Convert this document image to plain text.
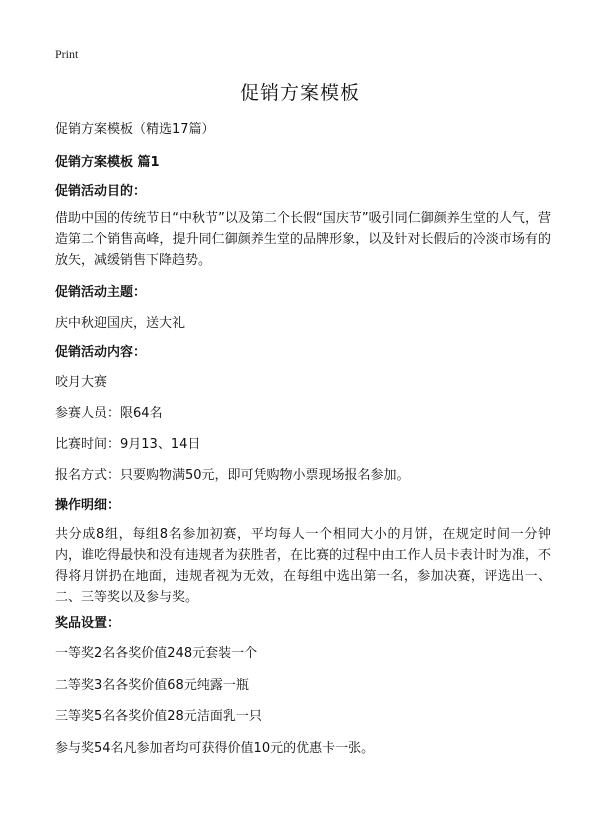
Print
促销方案模板
促销方案模板（精选17篇）
促销方案模板 篇1
促销活动目的：
借助中国的传统节日“中秋节”以及第二个长假“国庆节”吸引同仁御颜养生堂的人气，营造第二个销售高峰，提升同仁御颜养生堂的品牌形象，以及针对长假后的冷淡市场有的放矢，减缓销售下降趋势。
促销活动主题：
庆中秋迎国庆，送大礼
促销活动内容：
咬月大赛
参赛人员：限64名
比赛时间：9月13、14日
报名方式：只要购物满50元，即可凭购物小票现场报名参加。
操作明细：
共分成8组，每组8名参加初赛，平均每人一个相同大小的月饼，在规定时间一分钟内，谁吃得最快和没有违规者为获胜者，在比赛的过程中由工作人员卡表计时为准，不得将月饼扔在地面，违规者视为无效，在每组中选出第一名，参加决赛，评选出一、二、三等奖以及参与奖。
奖品设置：
一等奖2名各奖价值248元套装一个
二等奖3名各奖价值68元纯露一瓶
三等奖5名各奖价值28元洁面乳一只
参与奖54名凡参加者均可获得价值10元的优惠卡一张。
